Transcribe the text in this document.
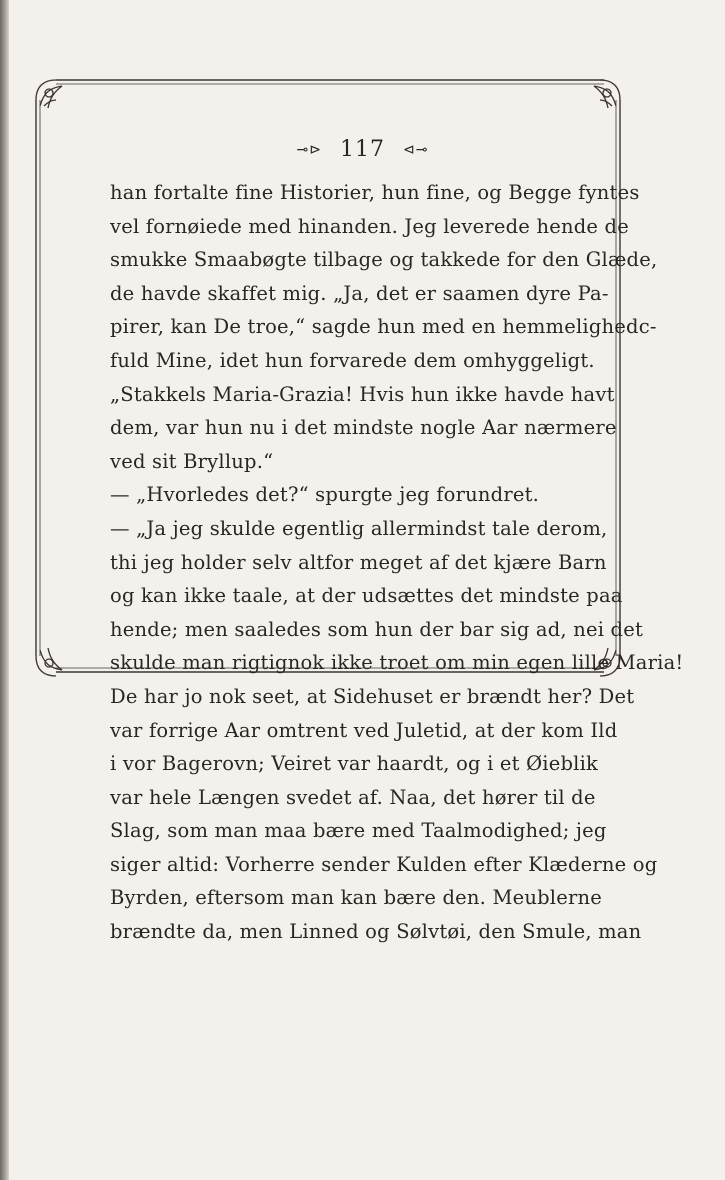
⊸⊳ 117 ⊲⊸
han fortalte fine Historier, hun fine, og Begge fyntes
vel fornøiede med hinanden. Jeg leverede hende de
smukke Smaabøgte tilbage og takkede for den Glæde,
de havde skaffet mig. „Ja, det er saamen dyre Pa-
pirer, kan De troe,“ sagde hun med en hemmelighedс-
fuld Mine, idet hun forvarede dem omhyggeligt.
„Stakkels Maria-Grazia! Hvis hun ikke havde havt
dem, var hun nu i det mindste nogle Aar nærmere
ved sit Bryllup.“
— „Hvorledes det?“ spurgte jeg forundret.
— „Ja jeg skulde egentlig allermindst tale derom,
thi jeg holder selv altfor meget af det kjære Barn
og kan ikke taale, at der udsættes det mindste paa
hende; men saaledes som hun der bar sig ad, nei det
skulde man rigtignok ikke troet om min egen lille Maria!
De har jo nok seet, at Sidehuset er brændt her? Det
var forrige Aar omtrent ved Juletid, at der kom Ild
i vor Bagerovn; Veiret var haardt, og i et Øieblik
var hele Længen svedet af. Naa, det hører til de
Slag, som man maa bære med Taalmodighed; jeg
siger altid: Vorherre sender Kulden efter Klæderne og
Byrden, eftersom man kan bære den. Meublerne
brændte da, men Linned og Sølvtøi, den Smule, man
